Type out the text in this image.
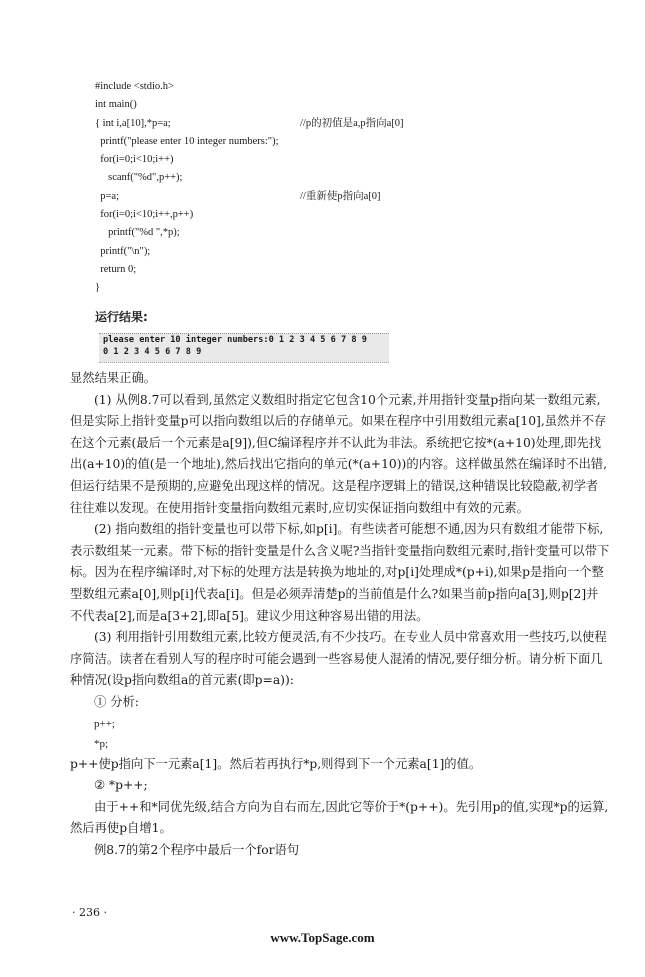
#include <stdio.h>
int main()
{ int i,a[10],*p=a;	//p的初值是a,p指向a[0]
printf("please enter 10 integer numbers:");
for(i=0;i<10;i++)
scanf("%d",p++);
p=a;	//重新使p指向a[0]
for(i=0;i<10;i++,p++)
printf("%d ",*p);
printf("\n");
return 0;
}
运行结果:
please enter 10 integer numbers:0 1 2 3 4 5 6 7 8 9
0 1 2 3 4 5 6 7 8 9

显然结果正确。

(1) 从例8.7可以看到,虽然定义数组时指定它包含10个元素,并用指针变量p指向某一数组元素,但是实际上指针变量p可以指向数组以后的存储单元。如果在程序中引用数组元素a[10],虽然并不存在这个元素(最后一个元素是a[9]),但C编译程序并不认此为非法。系统把它按*(a+10)处理,即先找出(a+10)的值(是一个地址),然后找出它指向的单元(*(a+10))的内容。这样做虽然在编译时不出错,但运行结果不是预期的,应避免出现这样的情况。这是程序逻辑上的错误,这种错误比较隐蔽,初学者往往难以发现。在使用指针变量指向数组元素时,应切实保证指向数组中有效的元素。

(2) 指向数组的指针变量也可以带下标,如p[i]。有些读者可能想不通,因为只有数组才能带下标,表示数组某一元素。带下标的指针变量是什么含义呢?当指针变量指向数组元素时,指针变量可以带下标。因为在程序编译时,对下标的处理方法是转换为地址的,对p[i]处理成*(p+i),如果p是指向一个整型数组元素a[0],则p[i]代表a[i]。但是必须弄清楚p的当前值是什么?如果当前p指向a[3],则p[2]并不代表a[2],而是a[3+2],即a[5]。建议少用这种容易出错的用法。

(3) 利用指针引用数组元素,比较方便灵活,有不少技巧。在专业人员中常喜欢用一些技巧,以使程序简洁。读者在看别人写的程序时可能会遇到一些容易使人混淆的情况,要仔细分析。请分析下面几种情况(设p指向数组a的首元素(即p=a)):

① 分析:

p++;

*p;

p++使p指向下一元素a[1]。然后若再执行*p,则得到下一个元素a[1]的值。

② *p++;

由于++和*同优先级,结合方向为自右而左,因此它等价于*(p++)。先引用p的值,实现*p的运算,然后再使p自增1。

例8.7的第2个程序中最后一个for语句

· 236 ·
www.TopSage.com
